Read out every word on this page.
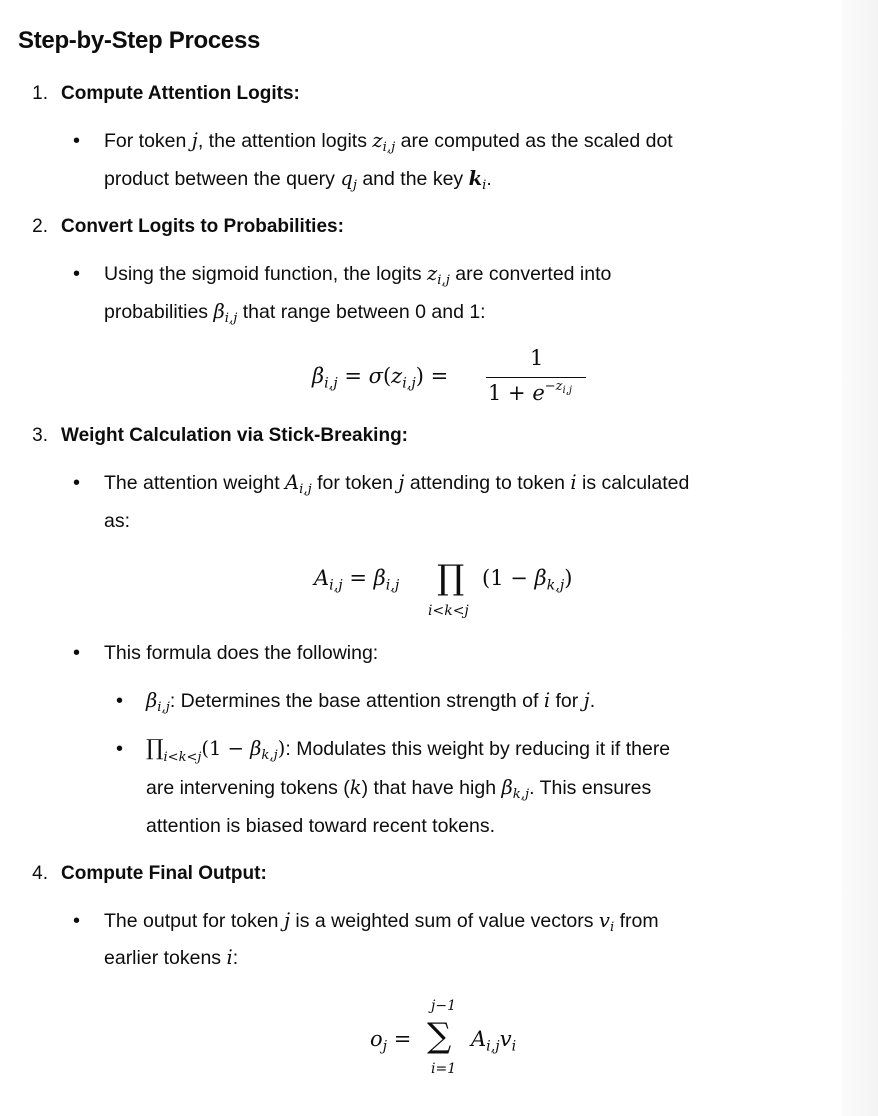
Step-by-Step Process
1. Compute Attention Logits:
• For token j, the attention logits $z_{i,j}$ are computed as the scaled dot
product between the query $q_j$ and the key $k_i$.
2. Convert Logits to Probabilities:
• Using the sigmoid function, the logits $z_{i,j}$ are converted into
probabilities $\beta_{i,j}$ that range between 0 and 1:
$\beta_{i,j} = \sigma(z_{i,j})$ =
1
$1 + e^{-z_{i,j}}$
3. Weight Calculation via Stick-Breaking:
• The attention weight $A_{i,j}$ for token j attending to token i is calculated
as:
$A_{i,j} = \beta_{i,j}$ ∏
i<k<j
$(1 - \beta_{k,j})$
• This formula does the following:
• $\beta_{i,j}$: Determines the base attention strength of i for j.
• $\prod_{i<k<j}(1 - \beta_{k,j})$: Modulates this weight by reducing it if there
are intervening tokens (k) that have high $\beta_{k,j}$. This ensures
attention is biased toward recent tokens.
4. Compute Final Output:
• The output for token j is a weighted sum of value vectors $v_i$ from
earlier tokens i:
$o_j$ =
j−1
∑
i=1
$A_{i,j}v_i$
